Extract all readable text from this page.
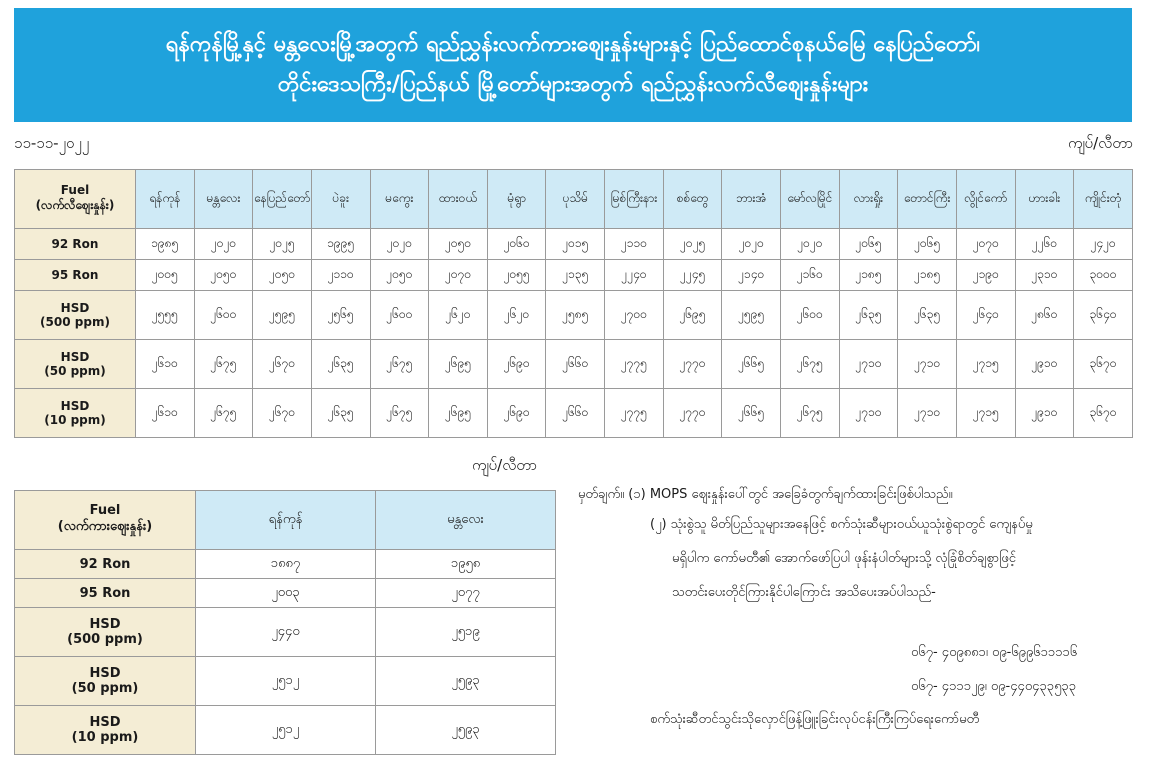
ရန်ကုန်မြို့နှင့် မန္တလေးမြို့အတွက် ရည်ညွှန်းလက်ကားဈေးနှုန်းများနှင့် ပြည်ထောင်စုနယ်မြေ နေပြည်တော်၊
တိုင်းဒေသကြီး/ပြည်နယ် မြို့တော်များအတွက် ရည်ညွှန်းလက်လီဈေးနှုန်းများ
၁၁-၁၁-၂၀၂၂	ကျပ်/လီတာ
Fuel
(လက်လီဈေးနှုန်း)	ရန်ကုန်	မန္တလေး	နေပြည်တော်	ပဲခူး	မကွေး	ထားဝယ်	မုံရွာ	ပုသိမ်	မြစ်ကြီးနား	စစ်တွေ	ဘားအံ	မော်လမြိုင်	လားရှိုး	တောင်ကြီး	လွိုင်ကော်	ဟားခါး	ကျိုင်းတုံ
92 Ron	၁၉၈၅	၂၀၂၀	၂၀၂၅	၁၉၉၅	၂၀၂၀	၂၀၅၀	၂၀၆၀	၂၀၁၅	၂၁၁၀	၂၀၂၅	၂၀၂၀	၂၀၂၀	၂၀၆၅	၂၀၆၅	၂၀၇၀	၂၂၆၀	၂၄၂၀
95 Ron	၂၀၀၅	၂၀၅၀	၂၀၅၀	၂၁၁၀	၂၀၅၀	၂၀၇၀	၂၀၅၅	၂၁၃၅	၂၂၄၀	၂၂၄၅	၂၁၄၀	၂၁၆၀	၂၁၈၅	၂၁၈၅	၂၁၉၀	၂၃၁၀	၃၀၀၀
HSD
(500 ppm)	၂၅၅၅	၂၆၀၀	၂၅၉၅	၂၅၆၅	၂၆၀၀	၂၆၂၀	၂၆၂၀	၂၅၈၅	၂၇၀၀	၂၆၉၅	၂၅၉၅	၂၆၀၀	၂၆၃၅	၂၆၃၅	၂၆၄၀	၂၈၆၀	၃၆၄၀
HSD
(50 ppm)	၂၆၁၀	၂၆၇၅	၂၆၇၀	၂၆၃၅	၂၆၇၅	၂၆၉၅	၂၆၉၀	၂၆၆၀	၂၇၇၅	၂၇၇၀	၂၆၆၅	၂၆၇၅	၂၇၁၀	၂၇၁၀	၂၇၁၅	၂၉၁၀	၃၆၇၀
HSD
(10 ppm)	၂၆၁၀	၂၆၇၅	၂၆၇၀	၂၆၃၅	၂၆၇၅	၂၆၉၅	၂၆၉၀	၂၆၆၀	၂၇၇၅	၂၇၇၀	၂၆၆၅	၂၆၇၅	၂၇၁၀	၂၇၁၀	၂၇၁၅	၂၉၁၀	၃၆၇၀
ကျပ်/လီတာ
Fuel
(လက်ကားဈေးနှုန်း)	ရန်ကုန်	မန္တလေး
92 Ron	၁၈၈၇	၁၉၅၈
95 Ron	၂၀၀၃	၂၀၇၇
HSD
(500 ppm)	၂၄၄၀	၂၅၁၉
HSD
(50 ppm)	၂၅၁၂	၂၅၉၃
HSD
(10 ppm)	၂၅၁၂	၂၅၉၃
မှတ်ချက်။ (၁) MOPS ဈေးနှုန်းပေါ်တွင် အခြေခံတွက်ချက်ထားခြင်းဖြစ်ပါသည်။
(၂) သုံးစွဲသူ မိတ်ပြည်သူများအနေဖြင့် စက်သုံးဆီများဝယ်ယူသုံးစွဲရာတွင် ကျေနပ်မှု
မရှိပါက ကော်မတီ၏ အောက်ဖော်ပြပါ ဖုန်းနံပါတ်များသို့ လုံခြုံစိတ်ချစွာဖြင့်
သတင်းပေးတိုင်ကြားနိုင်ပါကြောင်း အသိပေးအပ်ပါသည်-
၀၆၇- ၄၀၉၈၈၁၊ ၀၉-၆၉၉၆၁၁၁၁၆
၀၆၇- ၄၁၁၁၂၉၊ ၀၉-၄၄၀၄၃၃၅၃၃
စက်သုံးဆီတင်သွင်းသိုလှောင်ဖြန့်ဖြူးခြင်းလုပ်ငန်းကြီးကြပ်ရေးကော်မတီ
